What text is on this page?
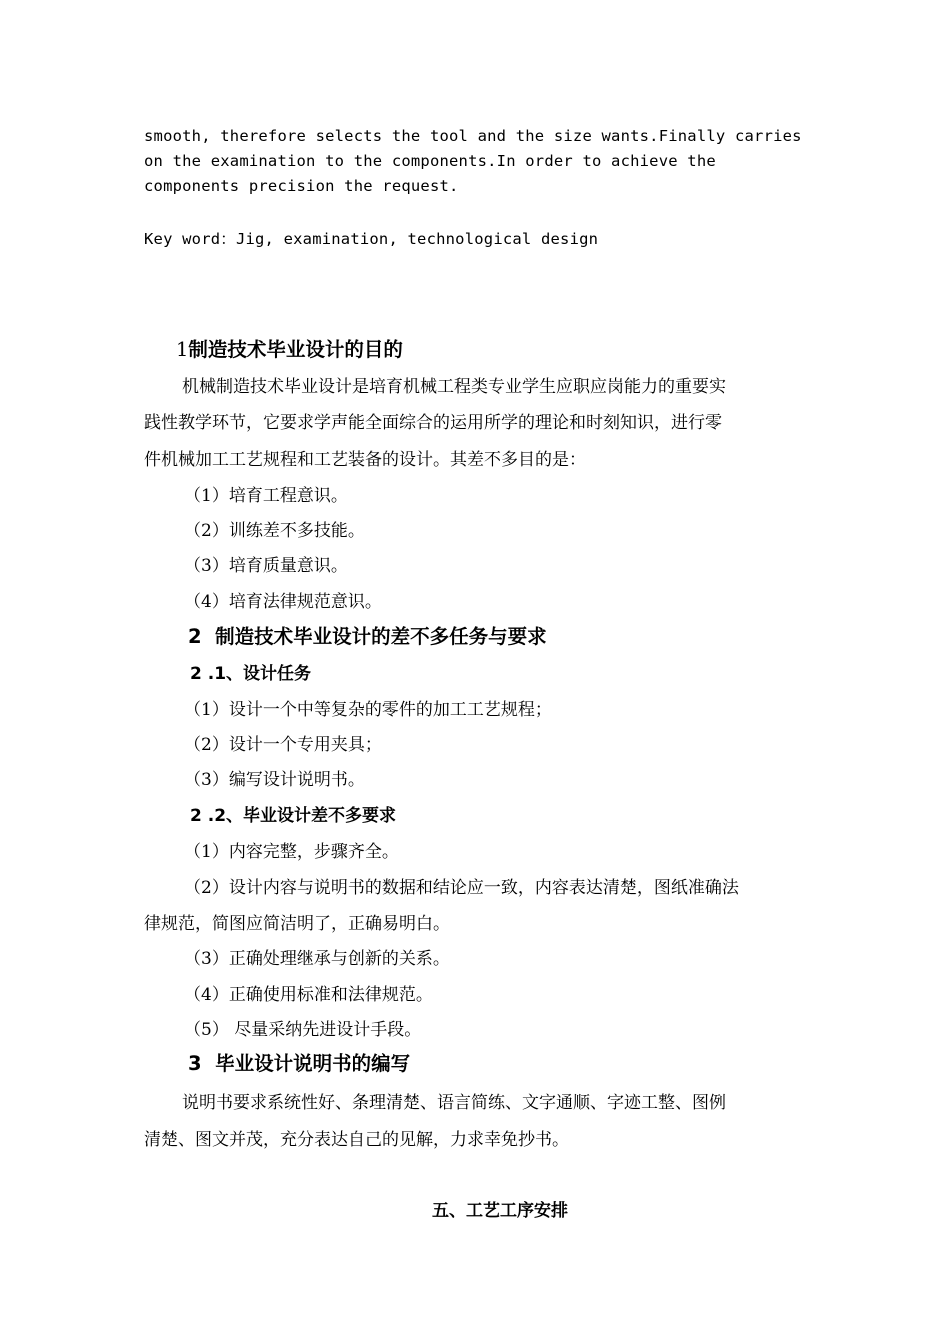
smooth, therefore selects the tool and the size wants.Finally carries
on the examination to the components.In order to achieve the
components precision the request.
Key word：Jig, examination, technological design
1制造技术毕业设计的目的
机械制造技术毕业设计是培育机械工程类专业学生应职应岗能力的重要实
践性教学环节，它要求学声能全面综合的运用所学的理论和时刻知识，进行零
件机械加工工艺规程和工艺装备的设计。其差不多目的是：
（1）培育工程意识。
（2）训练差不多技能。
（3）培育质量意识。
（4）培育法律规范意识。
2  制造技术毕业设计的差不多任务与要求
2 .1、设计任务
（1）设计一个中等复杂的零件的加工工艺规程；
（2）设计一个专用夹具；
（3）编写设计说明书。
2 .2、毕业设计差不多要求
（1）内容完整，步骤齐全。
（2）设计内容与说明书的数据和结论应一致，内容表达清楚，图纸准确法
律规范，简图应简洁明了，正确易明白。
（3）正确处理继承与创新的关系。
（4）正确使用标准和法律规范。
（5） 尽量采纳先进设计手段。
3  毕业设计说明书的编写
说明书要求系统性好、条理清楚、语言简练、文字通顺、字迹工整、图例
清楚、图文并茂，充分表达自己的见解，力求幸免抄书。
五、工艺工序安排
